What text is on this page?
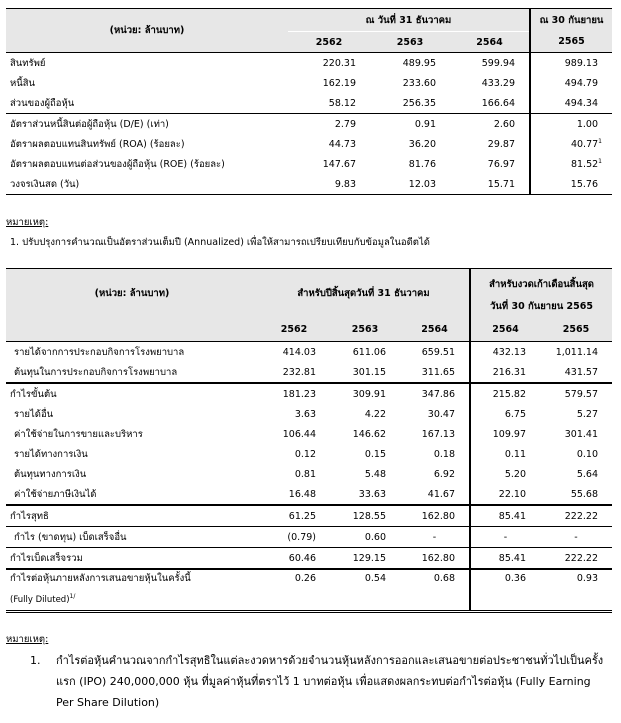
(หน่วย: ล้านบาท)	ณ วันที่ 31 ธันวาคม			ณ 30 กันยายน
	2562	2563	2564	2565
สินทรัพย์	220.31	489.95	599.94	989.13
หนี้สิน	162.19	233.60	433.29	494.79
ส่วนของผู้ถือหุ้น	58.12	256.35	166.64	494.34
อัตราส่วนหนี้สินต่อผู้ถือหุ้น (D/E) (เท่า)	2.79	0.91	2.60	1.00
อัตราผลตอบแทนสินทรัพย์ (ROA) (ร้อยละ)	44.73	36.20	29.87	40.77$^1$
อัตราผลตอบแทนต่อส่วนของผู้ถือหุ้น (ROE) (ร้อยละ)	147.67	81.76	76.97	81.52$^1$
วงจรเงินสด (วัน)	9.83	12.03	15.71	15.76
หมายเหตุ:
1. ปรับปรุงการคำนวณเป็นอัตราส่วนเต็มปี (Annualized) เพื่อให้สามารถเปรียบเทียบกับข้อมูลในอดีตได้
(หน่วย: ล้านบาท)	สำหรับปีสิ้นสุดวันที่ 31 ธันวาคม			สำหรับงวดเก้าเดือนสิ้นสุด	
				วันที่ 30 กันยายน 2565	
	2562	2563	2564	2564	2565
รายได้จากการประกอบกิจการโรงพยาบาล	414.03	611.06	659.51	432.13	1,011.14
ต้นทุนในการประกอบกิจการโรงพยาบาล	232.81	301.15	311.65	216.31	431.57
กำไรขั้นต้น	181.23	309.91	347.86	215.82	579.57
รายได้อื่น	3.63	4.22	30.47	6.75	5.27
ค่าใช้จ่ายในการขายและบริหาร	106.44	146.62	167.13	109.97	301.41
รายได้ทางการเงิน	0.12	0.15	0.18	0.11	0.10
ต้นทุนทางการเงิน	0.81	5.48	6.92	5.20	5.64
ค่าใช้จ่ายภาษีเงินได้	16.48	33.63	41.67	22.10	55.68
กำไรสุทธิ	61.25	128.55	162.80	85.41	222.22
กำไร (ขาดทุน) เบ็ดเสร็จอื่น	(0.79)	0.60	-	-	-
กำไรเบ็ดเสร็จรวม	60.46	129.15	162.80	85.41	222.22
กำไรต่อหุ้นภายหลังการเสนอขายหุ้นในครั้งนี้
(Fully Diluted)$^{1/}$	0.26	0.54	0.68	0.36	0.93
หมายเหตุ:
1. กำไรต่อหุ้นคำนวณจากกำไรสุทธิในแต่ละงวดหารด้วยจำนวนหุ้นหลังการออกและเสนอขายต่อประชาชนทั่วไปเป็นครั้งแรก (IPO) 240,000,000 หุ้น ที่มูลค่าหุ้นที่ตราไว้ 1 บาทต่อหุ้น เพื่อแสดงผลกระทบต่อกำไรต่อหุ้น (Fully Earning Per Share Dilution)
